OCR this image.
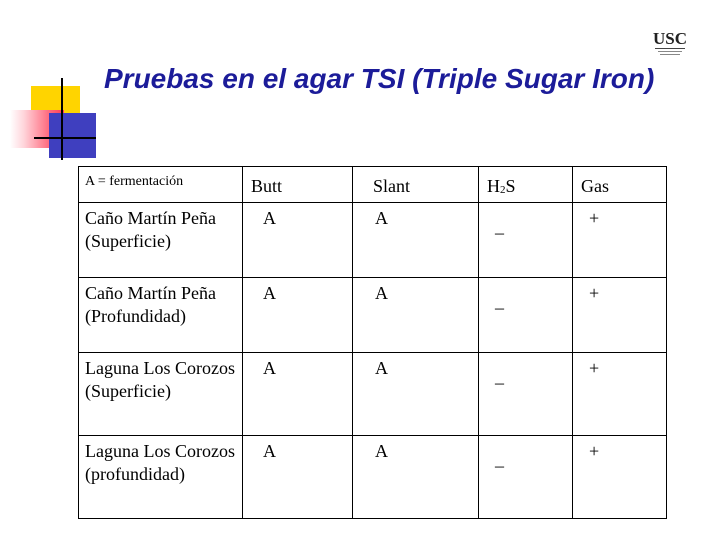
USC
Pruebas en el agar TSI (Triple Sugar Iron)
A = fermentación	Butt	Slant	$H_2S$	Gas
Caño Martín Peña (Superficie)	A	A	_	+
Caño Martín Peña (Profundidad)	A	A	_	+
Laguna Los Corozos (Superficie)	A	A	_	+
Laguna Los Corozos (profundidad)	A	A	_	+
